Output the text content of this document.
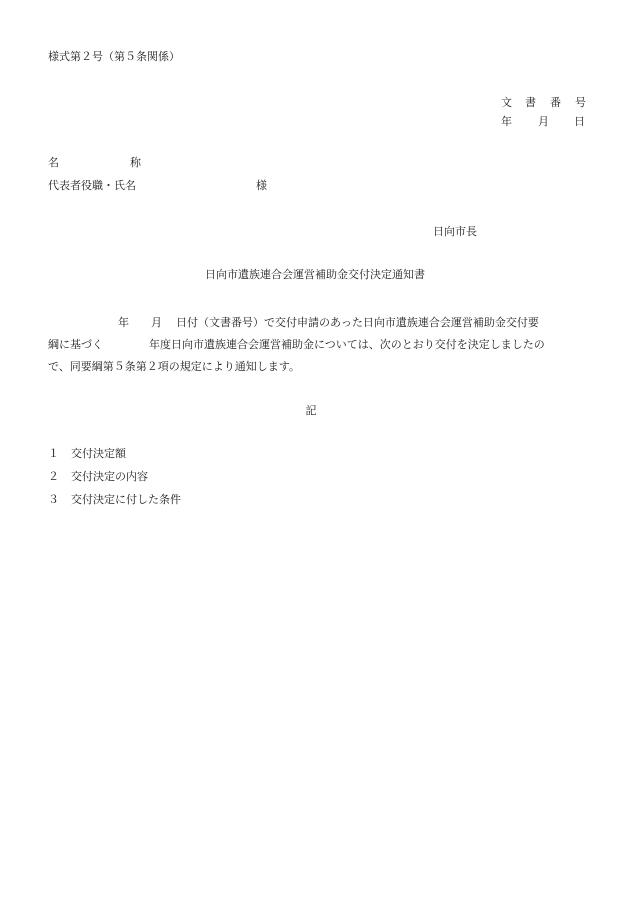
様式第２号（第５条関係）
文 書 番 号
年 月 日
名	称
代表者役職・氏名	様
日向市長
日向市遺族連合会運営補助金交付決定通知書
年 月 日付（文書番号）で交付申請のあった日向市遺族連合会運営補助金交付要
綱に基づく	年度日向市遺族連合会運営補助金については、次のとおり交付を決定しましたの
で、同要綱第５条第２項の規定により通知します。
記
１ 交付決定額
２ 交付決定の内容
３ 交付決定に付した条件
